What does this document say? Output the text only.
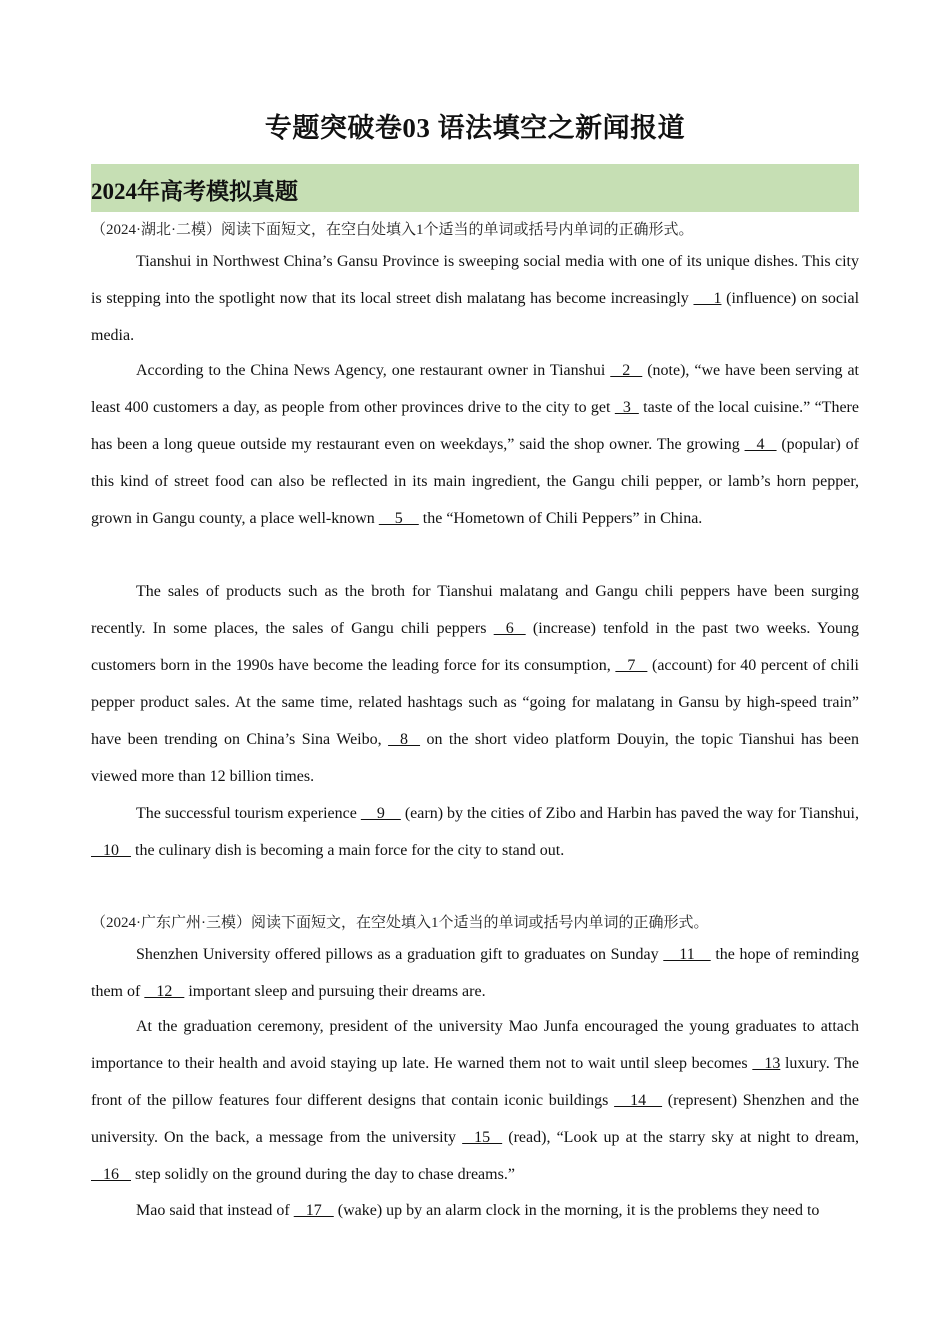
专题突破卷03 语法填空之新闻报道
2024年高考模拟真题
（2024·湖北·二模）阅读下面短文，在空白处填入1个适当的单词或括号内单词的正确形式。

Tianshui in Northwest China’s Gansu Province is sweeping social media with one of its unique dishes. This city is stepping into the spotlight now that its local street dish malatang has become increasingly      1 (influence) on social media.

According to the China News Agency, one restaurant owner in Tianshui    2    (note), “we have been serving at least 400 customers a day, as people from other provinces drive to the city to get   3   taste of the local cuisine.” “There has been a long queue outside my restaurant even on weekdays,” said the shop owner. The growing    4    (popular) of this kind of street food can also be reflected in its main ingredient, the Gangu chili pepper, or lamb’s horn pepper, grown in Gangu county, a place well-known     5     the “Hometown of Chili Peppers” in China.

The sales of products such as the broth for Tianshui malatang and Gangu chili peppers have been surging recently. In some places, the sales of Gangu chili peppers    6    (increase) tenfold in the past two weeks. Young customers born in the 1990s have become the leading force for its consumption,    7    (account) for 40 percent of chili pepper product sales. At the same time, related hashtags such as “going for malatang in Gansu by high-speed train” have been trending on China’s Sina Weibo,    8    on the short video platform Douyin, the topic Tianshui has been viewed more than 12 billion times.

The successful tourism experience     9     (earn) by the cities of Zibo and Harbin has paved the way for Tianshui,    10    the culinary dish is becoming a main force for the city to stand out.

（2024·广东广州·三模）阅读下面短文，在空处填入1个适当的单词或括号内单词的正确形式。

Shenzhen University offered pillows as a graduation gift to graduates on Sunday     11     the hope of reminding them of    12    important sleep and pursuing their dreams are.

At the graduation ceremony, president of the university Mao Junfa encouraged the young graduates to attach importance to their health and avoid staying up late. He warned them not to wait until sleep becomes    13 luxury. The front of the pillow features four different designs that contain iconic buildings     14     (represent) Shenzhen and the university. On the back, a message from the university    15    (read), “Look up at the starry sky at night to dream,    16    step solidly on the ground during the day to chase dreams.”

Mao said that instead of    17    (wake) up by an alarm clock in the morning, it is the problems they need to
